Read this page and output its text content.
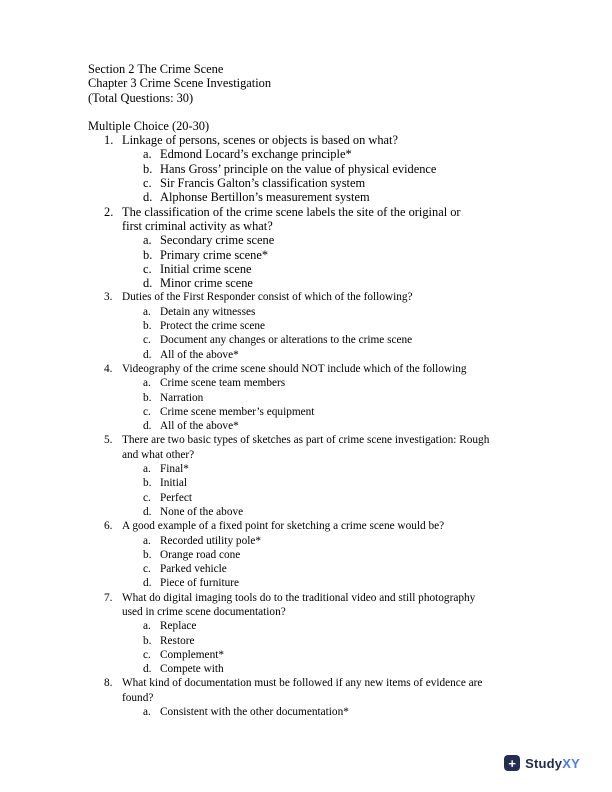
Section 2 The Crime Scene
Chapter 3 Crime Scene Investigation
(Total Questions: 30)
Multiple Choice (20-30)
1. Linkage of persons, scenes or objects is based on what?
a. Edmond Locard’s exchange principle*
b. Hans Gross’ principle on the value of physical evidence
c. Sir Francis Galton’s classification system
d. Alphonse Bertillon’s measurement system
2. The classification of the crime scene labels the site of the original or
first criminal activity as what?
a. Secondary crime scene
b. Primary crime scene*
c. Initial crime scene
d. Minor crime scene
3. Duties of the First Responder consist of which of the following?
a. Detain any witnesses
b. Protect the crime scene
c. Document any changes or alterations to the crime scene
d. All of the above*
4. Videography of the crime scene should NOT include which of the following
a. Crime scene team members
b. Narration
c. Crime scene member’s equipment
d. All of the above*
5. There are two basic types of sketches as part of crime scene investigation: Rough
and what other?
a. Final*
b. Initial
c. Perfect
d. None of the above
6. A good example of a fixed point for sketching a crime scene would be?
a. Recorded utility pole*
b. Orange road cone
c. Parked vehicle
d. Piece of furniture
7. What do digital imaging tools do to the traditional video and still photography
used in crime scene documentation?
a. Replace
b. Restore
c. Complement*
d. Compete with
8. What kind of documentation must be followed if any new items of evidence are
found?
a. Consistent with the other documentation*
+ StudyXY
